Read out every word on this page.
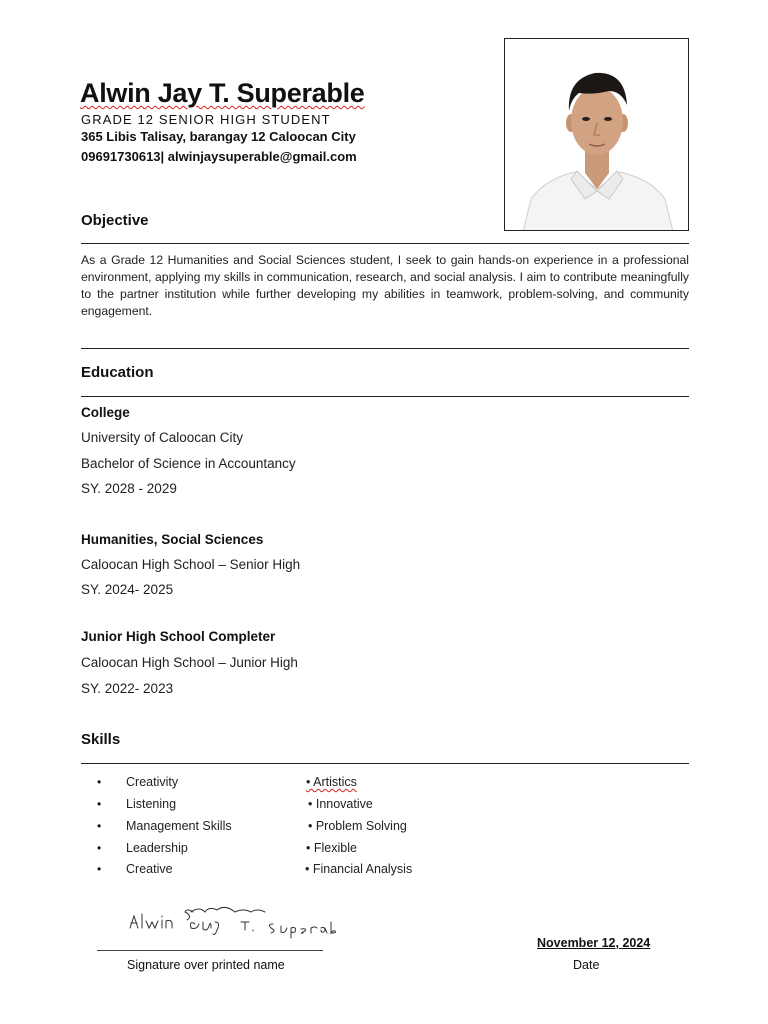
Alwin Jay T. Superable
GRADE 12 SENIOR HIGH STUDENT
365 Libis Talisay, barangay 12 Caloocan City
09691730613| alwinjaysuperable@gmail.com
Objective
As a Grade 12 Humanities and Social Sciences student, I seek to gain hands-on experience in a professional environment, applying my skills in communication, research, and social analysis. I aim to contribute meaningfully to the partner institution while further developing my abilities in teamwork, problem-solving, and community engagement.
Education
College
University of Caloocan City
Bachelor of Science in Accountancy
SY. 2028 - 2029
Humanities, Social Sciences
Caloocan High School – Senior High
SY. 2024- 2025
Junior High School Completer
Caloocan High School – Junior High
SY. 2022- 2023
Skills
• Creativity	• Artistics
• Listening	• Innovative
• Management Skills	• Problem Solving
• Leadership	• Flexible
• Creative	• Financial Analysis
Signature over printed name
November 12, 2024
Date
